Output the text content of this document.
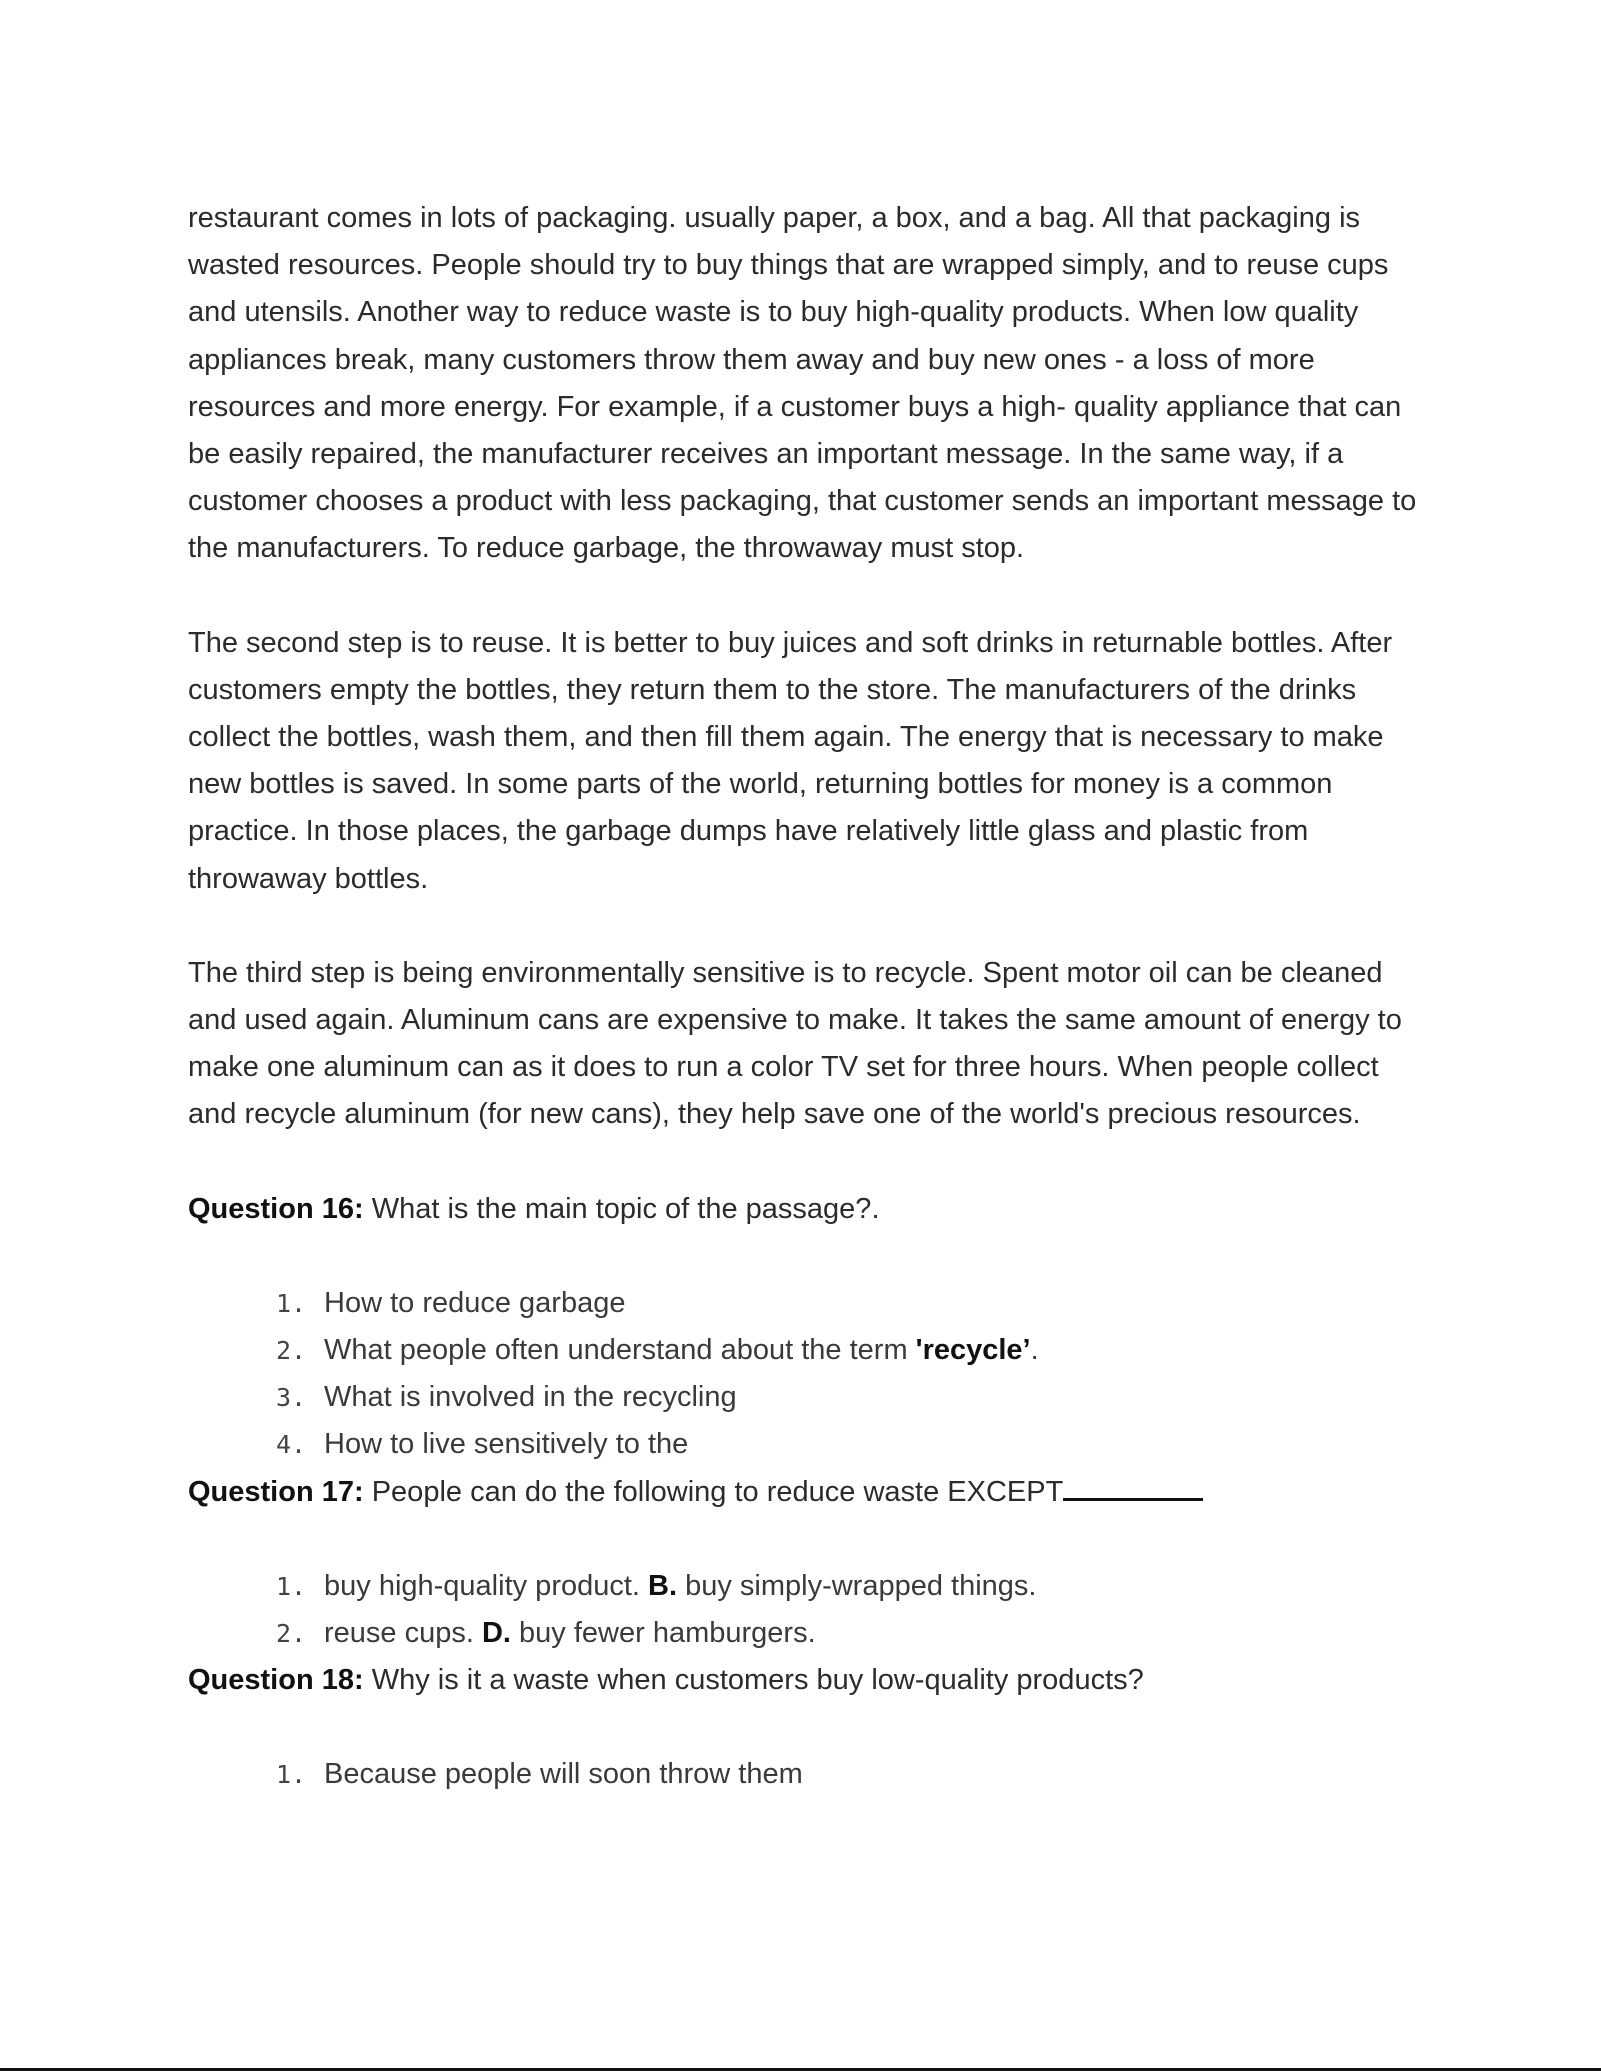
restaurant comes in lots of packaging. usually paper, a box, and a bag. All that packaging is wasted resources. People should try to buy things that are wrapped simply, and to reuse cups and utensils. Another way to reduce waste is to buy high-quality products. When low quality appliances break, many customers throw them away and buy new ones - a loss of more resources and more energy. For example, if a customer buys a high- quality appliance that can be easily repaired, the manufacturer receives an important message. In the same way, if a customer chooses a product with less packaging, that customer sends an important message to the manufacturers. To reduce garbage, the throwaway must stop.

The second step is to reuse. It is better to buy juices and soft drinks in returnable bottles. After customers empty the bottles, they return them to the store. The manufacturers of the drinks collect the bottles, wash them, and then fill them again. The energy that is necessary to make new bottles is saved. In some parts of the world, returning bottles for money is a common practice. In those places, the garbage dumps have relatively little glass and plastic from throwaway bottles.

The third step is being environmentally sensitive is to recycle. Spent motor oil can be cleaned and used again. Aluminum cans are expensive to make. It takes the same amount of energy to make one aluminum can as it does to run a color TV set for three hours. When people collect and recycle aluminum (for new cans), they help save one of the world's precious resources.

Question 16: What is the main topic of the passage?.

1. How to reduce garbage
2. What people often understand about the term 'recycle’.
3. What is involved in the recycling
4. How to live sensitively to the

Question 17: People can do the following to reduce waste EXCEPT

1. buy high-quality product. B. buy simply-wrapped things.
2. reuse cups. D. buy fewer hamburgers.

Question 18: Why is it a waste when customers buy low-quality products?

1. Because people will soon throw them
